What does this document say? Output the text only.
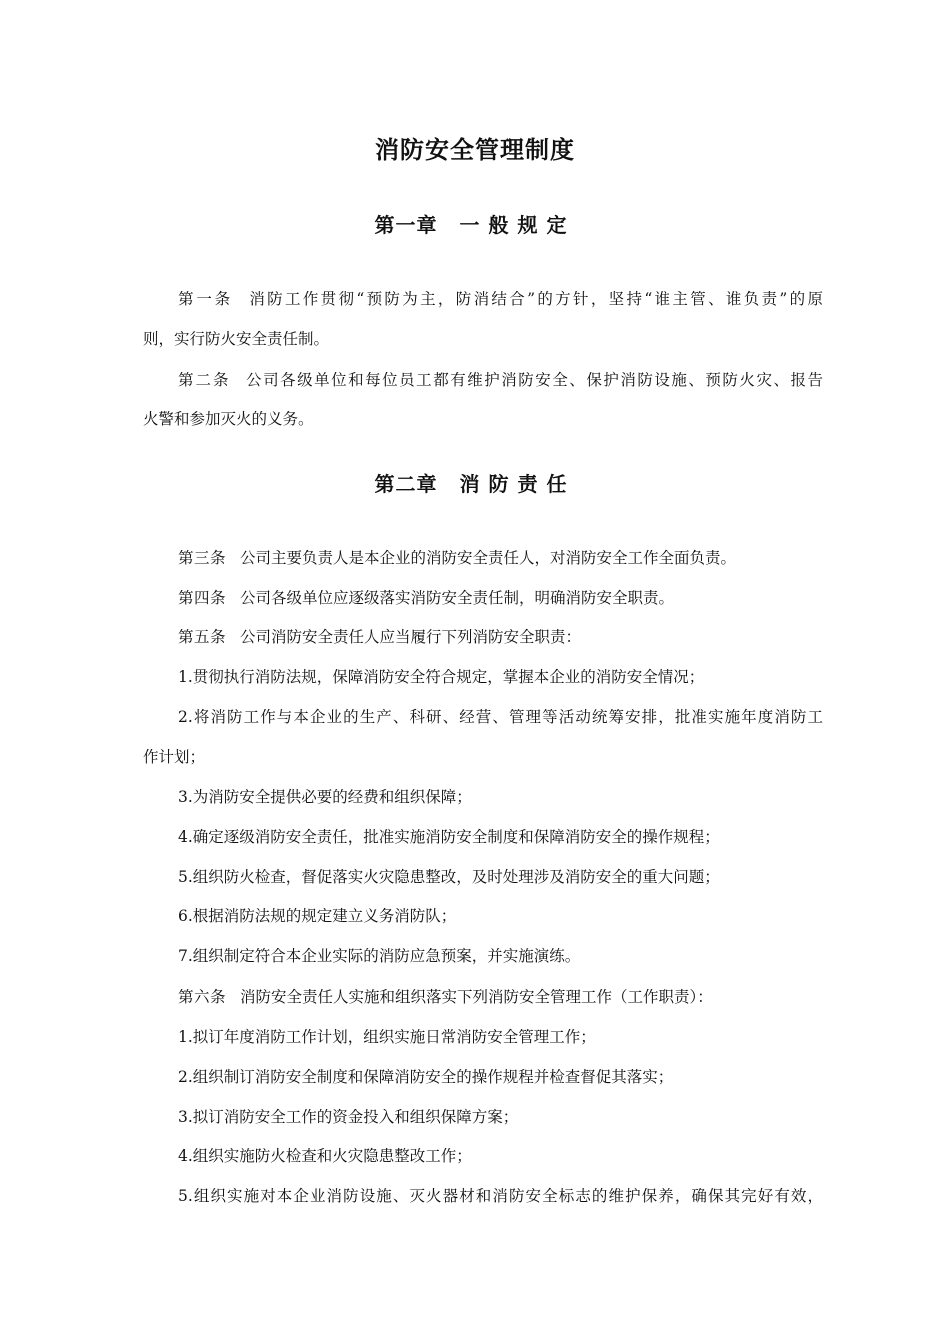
消防安全管理制度
第一章 一般规定

第一条 消防工作贯彻“预防为主，防消结合”的方针，坚持“谁主管、谁负责”的原

则，实行防火安全责任制。

第二条 公司各级单位和每位员工都有维护消防安全、保护消防设施、预防火灾、报告

火警和参加灭火的义务。

第二章 消防责任

第三条 公司主要负责人是本企业的消防安全责任人，对消防安全工作全面负责。

第四条 公司各级单位应逐级落实消防安全责任制，明确消防安全职责。

第五条 公司消防安全责任人应当履行下列消防安全职责：

1.贯彻执行消防法规，保障消防安全符合规定，掌握本企业的消防安全情况；

2.将消防工作与本企业的生产、科研、经营、管理等活动统筹安排，批准实施年度消防工

作计划；

3.为消防安全提供必要的经费和组织保障；

4.确定逐级消防安全责任，批准实施消防安全制度和保障消防安全的操作规程；

5.组织防火检查，督促落实火灾隐患整改，及时处理涉及消防安全的重大问题；

6.根据消防法规的规定建立义务消防队；

7.组织制定符合本企业实际的消防应急预案，并实施演练。

第六条 消防安全责任人实施和组织落实下列消防安全管理工作（工作职责）：

1.拟订年度消防工作计划，组织实施日常消防安全管理工作；

2.组织制订消防安全制度和保障消防安全的操作规程并检查督促其落实；

3.拟订消防安全工作的资金投入和组织保障方案；

4.组织实施防火检查和火灾隐患整改工作；

5.组织实施对本企业消防设施、灭火器材和消防安全标志的维护保养，确保其完好有效，
